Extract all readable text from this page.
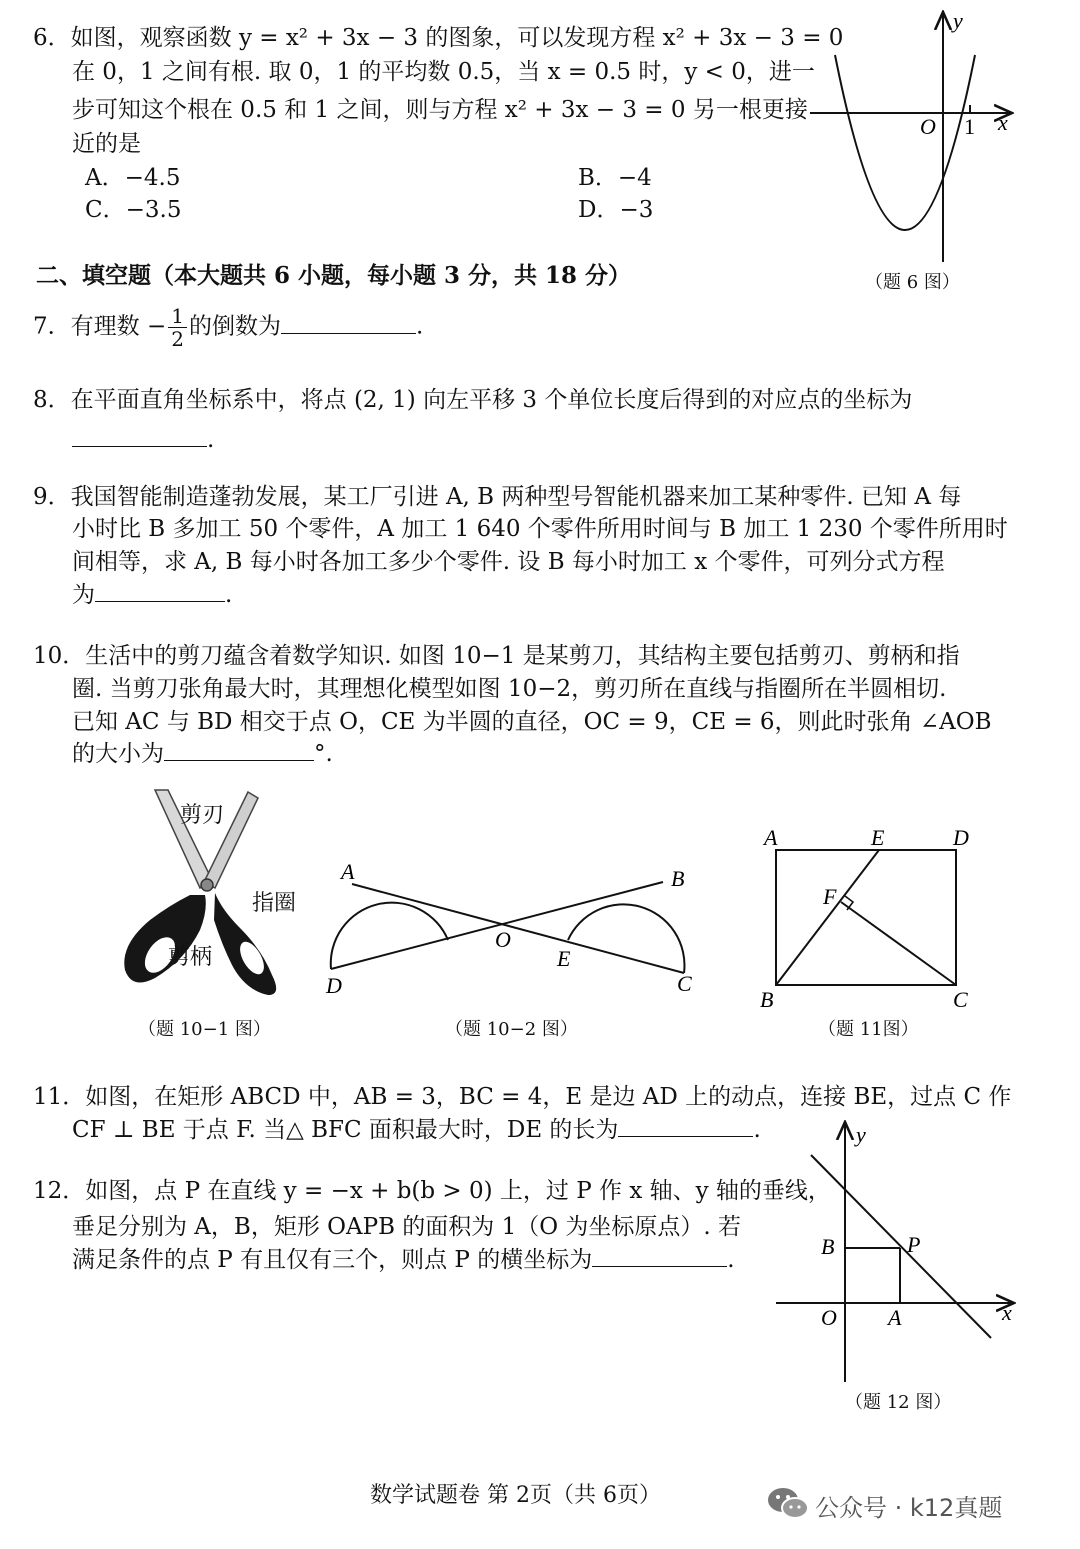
6．如图，观察函数 y = x² + 3x − 3 的图象，可以发现方程 x² + 3x − 3 = 0
在 0，1 之间有根. 取 0，1 的平均数 0.5，当 x = 0.5 时，y < 0，进一
步可知这个根在 0.5 和 1 之间，则与方程 x² + 3x − 3 = 0 另一根更接
近的是
A．−4.5	B．−4
C．−3.5	D．−3
y
x
O 1
（题 6 图）
二、填空题（本大题共 6 小题，每小题 3 分，共 18 分）
7．有理数 − $\frac{1}{2}$ 的倒数为	.
8．在平面直角坐标系中，将点 (2, 1) 向左平移 3 个单位长度后得到的对应点的坐标为
.
9．我国智能制造蓬勃发展，某工厂引进 A, B 两种型号智能机器来加工某种零件. 已知 A 每
小时比 B 多加工 50 个零件，A 加工 1 640 个零件所用时间与 B 加工 1 230 个零件所用时
间相等，求 A, B 每小时各加工多少个零件. 设 B 每小时加工 x 个零件，可列分式方程
为	.
10．生活中的剪刀蕴含着数学知识. 如图 10−1 是某剪刀，其结构主要包括剪刃、剪柄和指
圈. 当剪刀张角最大时，其理想化模型如图 10−2，剪刃所在直线与指圈所在半圆相切.
已知 AC 与 BD 相交于点 O，CE 为半圆的直径，OC = 9，CE = 6，则此时张角 ∠AOB
的大小为	°.
剪刃
指圈
剪柄
（题 10−1 图）
A	B
O
E
D	C
（题 10−2 图）
A	E	D
F
B	C
（题 11图）
11．如图，在矩形 ABCD 中，AB = 3，BC = 4，E 是边 AD 上的动点，连接 BE，过点 C 作
CF ⊥ BE 于点 F. 当△ BFC 面积最大时，DE 的长为	.
12．如图，点 P 在直线 y = −x + b(b > 0) 上，过 P 作 x 轴、y 轴的垂线，
垂足分别为 A，B，矩形 OAPB 的面积为 1（O 为坐标原点）. 若
满足条件的点 P 有且仅有三个，则点 P 的横坐标为	.
y
x
B	P
O A
（题 12 图）
数学试题卷 第 2页（共 6页）	公众号 · k12真题
